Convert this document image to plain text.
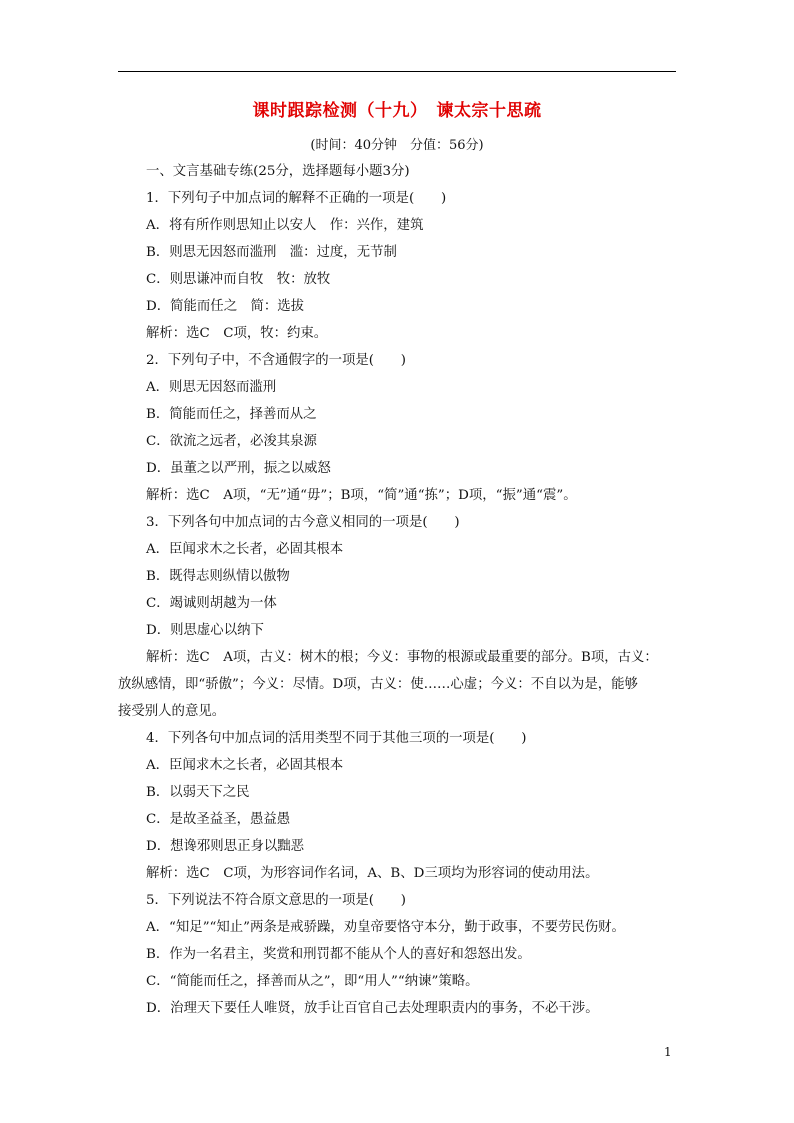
课时跟踪检测（十九）　谏太宗十思疏
(时间：40分钟　分值：56分)
一、文言基础专练(25分，选择题每小题3分)
1．下列句子中加点词的解释不正确的一项是(　　)
A．将有所作则思知止以安人　作：兴作，建筑
B．则思无因怒而滥刑　滥：过度，无节制
C．则思谦冲而自牧　牧：放牧
D．简能而任之　简：选拔
解析：选C　C项，牧：约束。
2．下列句子中，不含通假字的一项是(　　)
A．则思无因怒而滥刑
B．简能而任之，择善而从之
C．欲流之远者，必浚其泉源
D．虽董之以严刑，振之以威怒
解析：选C　A项，“无”通“毋”；B项，“简”通“拣”；D项，“振”通“震”。
3．下列各句中加点词的古今意义相同的一项是(　　)
A．臣闻求木之长者，必固其根本
B．既得志则纵情以傲物
C．竭诚则胡越为一体
D．则思虚心以纳下
解析：选C　A项，古义：树木的根；今义：事物的根源或最重要的部分。B项，古义：
放纵感情，即“骄傲”；今义：尽情。D项，古义：使……心虚；今义：不自以为是，能够
接受别人的意见。
4．下列各句中加点词的活用类型不同于其他三项的一项是(　　)
A．臣闻求木之长者，必固其根本
B．以弱天下之民
C．是故圣益圣，愚益愚
D．想谗邪则思正身以黜恶
解析：选C　C项，为形容词作名词，A、B、D三项均为形容词的使动用法。
5．下列说法不符合原文意思的一项是(　　)
A．“知足”“知止”两条是戒骄躁，劝皇帝要恪守本分，勤于政事，不要劳民伤财。
B．作为一名君主，奖赏和刑罚都不能从个人的喜好和怨怒出发。
C．“简能而任之，择善而从之”，即“用人”“纳谏”策略。
D．治理天下要任人唯贤，放手让百官自己去处理职责内的事务，不必干涉。
1
